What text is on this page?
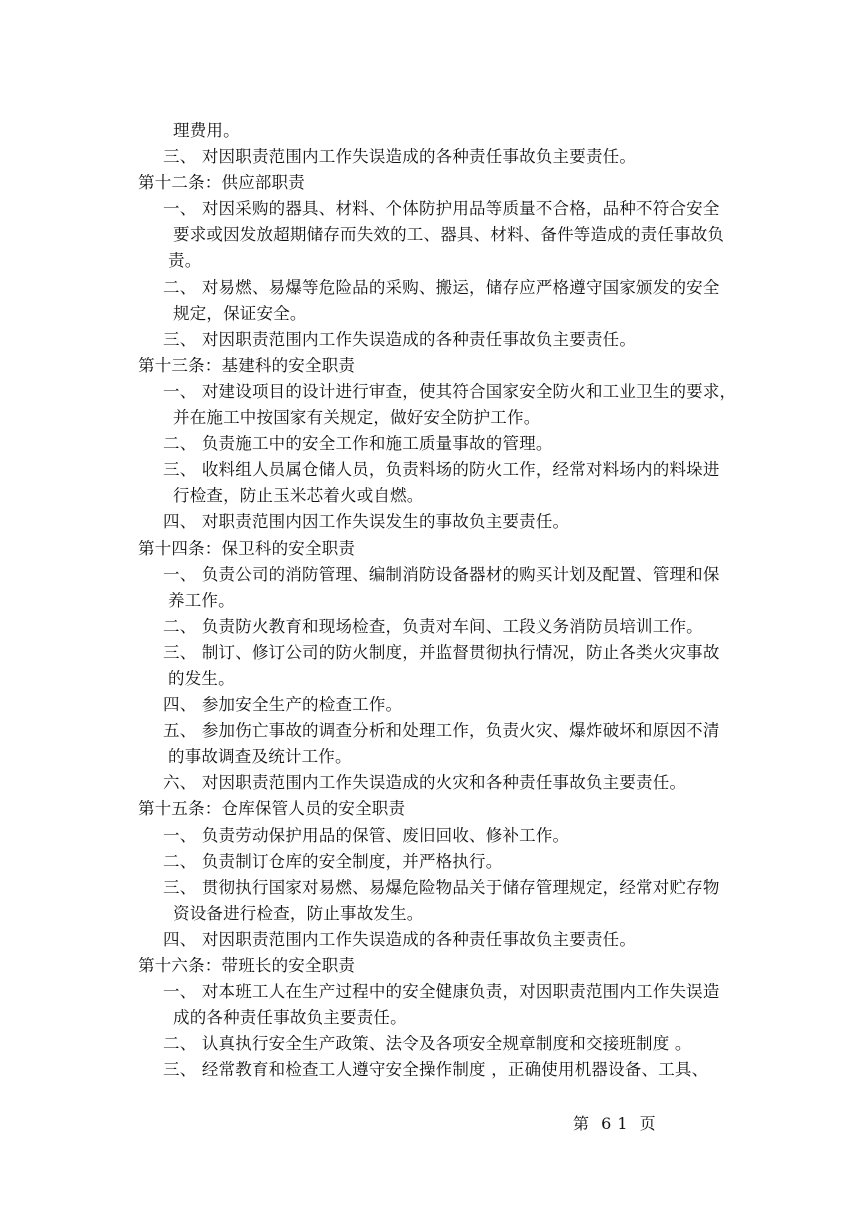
理费用。
三、 对因职责范围内工作失误造成的各种责任事故负主要责任。
第十二条：供应部职责
一、 对因采购的器具、材料、个体防护用品等质量不合格，品种不符合安全
要求或因发放超期储存而失效的工、器具、材料、备件等造成的责任事故负
责。
二、 对易燃、易爆等危险品的采购、搬运，储存应严格遵守国家颁发的安全
规定，保证安全。
三、 对因职责范围内工作失误造成的各种责任事故负主要责任。
第十三条：基建科的安全职责
一、 对建设项目的设计进行审查，使其符合国家安全防火和工业卫生的要求，
并在施工中按国家有关规定，做好安全防护工作。
二、 负责施工中的安全工作和施工质量事故的管理。
三、 收料组人员属仓储人员，负责料场的防火工作，经常对料场内的料垛进
行检查，防止玉米芯着火或自燃。
四、 对职责范围内因工作失误发生的事故负主要责任。
第十四条：保卫科的安全职责
一、 负责公司的消防管理、编制消防设备器材的购买计划及配置、管理和保
养工作。
二、 负责防火教育和现场检查，负责对车间、工段义务消防员培训工作。
三、 制订、修订公司的防火制度，并监督贯彻执行情况，防止各类火灾事故
的发生。
四、 参加安全生产的检查工作。
五、 参加伤亡事故的调查分析和处理工作，负责火灾、爆炸破坏和原因不清
的事故调查及统计工作。
六、 对因职责范围内工作失误造成的火灾和各种责任事故负主要责任。
第十五条：仓库保管人员的安全职责
一、 负责劳动保护用品的保管、废旧回收、修补工作。
二、 负责制订仓库的安全制度，并严格执行。
三、 贯彻执行国家对易燃、易爆危险物品关于储存管理规定，经常对贮存物
资设备进行检查，防止事故发生。
四、 对因职责范围内工作失误造成的各种责任事故负主要责任。
第十六条：带班长的安全职责
一、 对本班工人在生产过程中的安全健康负责，对因职责范围内工作失误造
成的各种责任事故负主要责任。
二、 认真执行安全生产政策、法令及各项安全规章制度和交接班制度 。
三、 经常教育和检查工人遵守安全操作制度 ，正确使用机器设备、工具、
第 6 1 页
